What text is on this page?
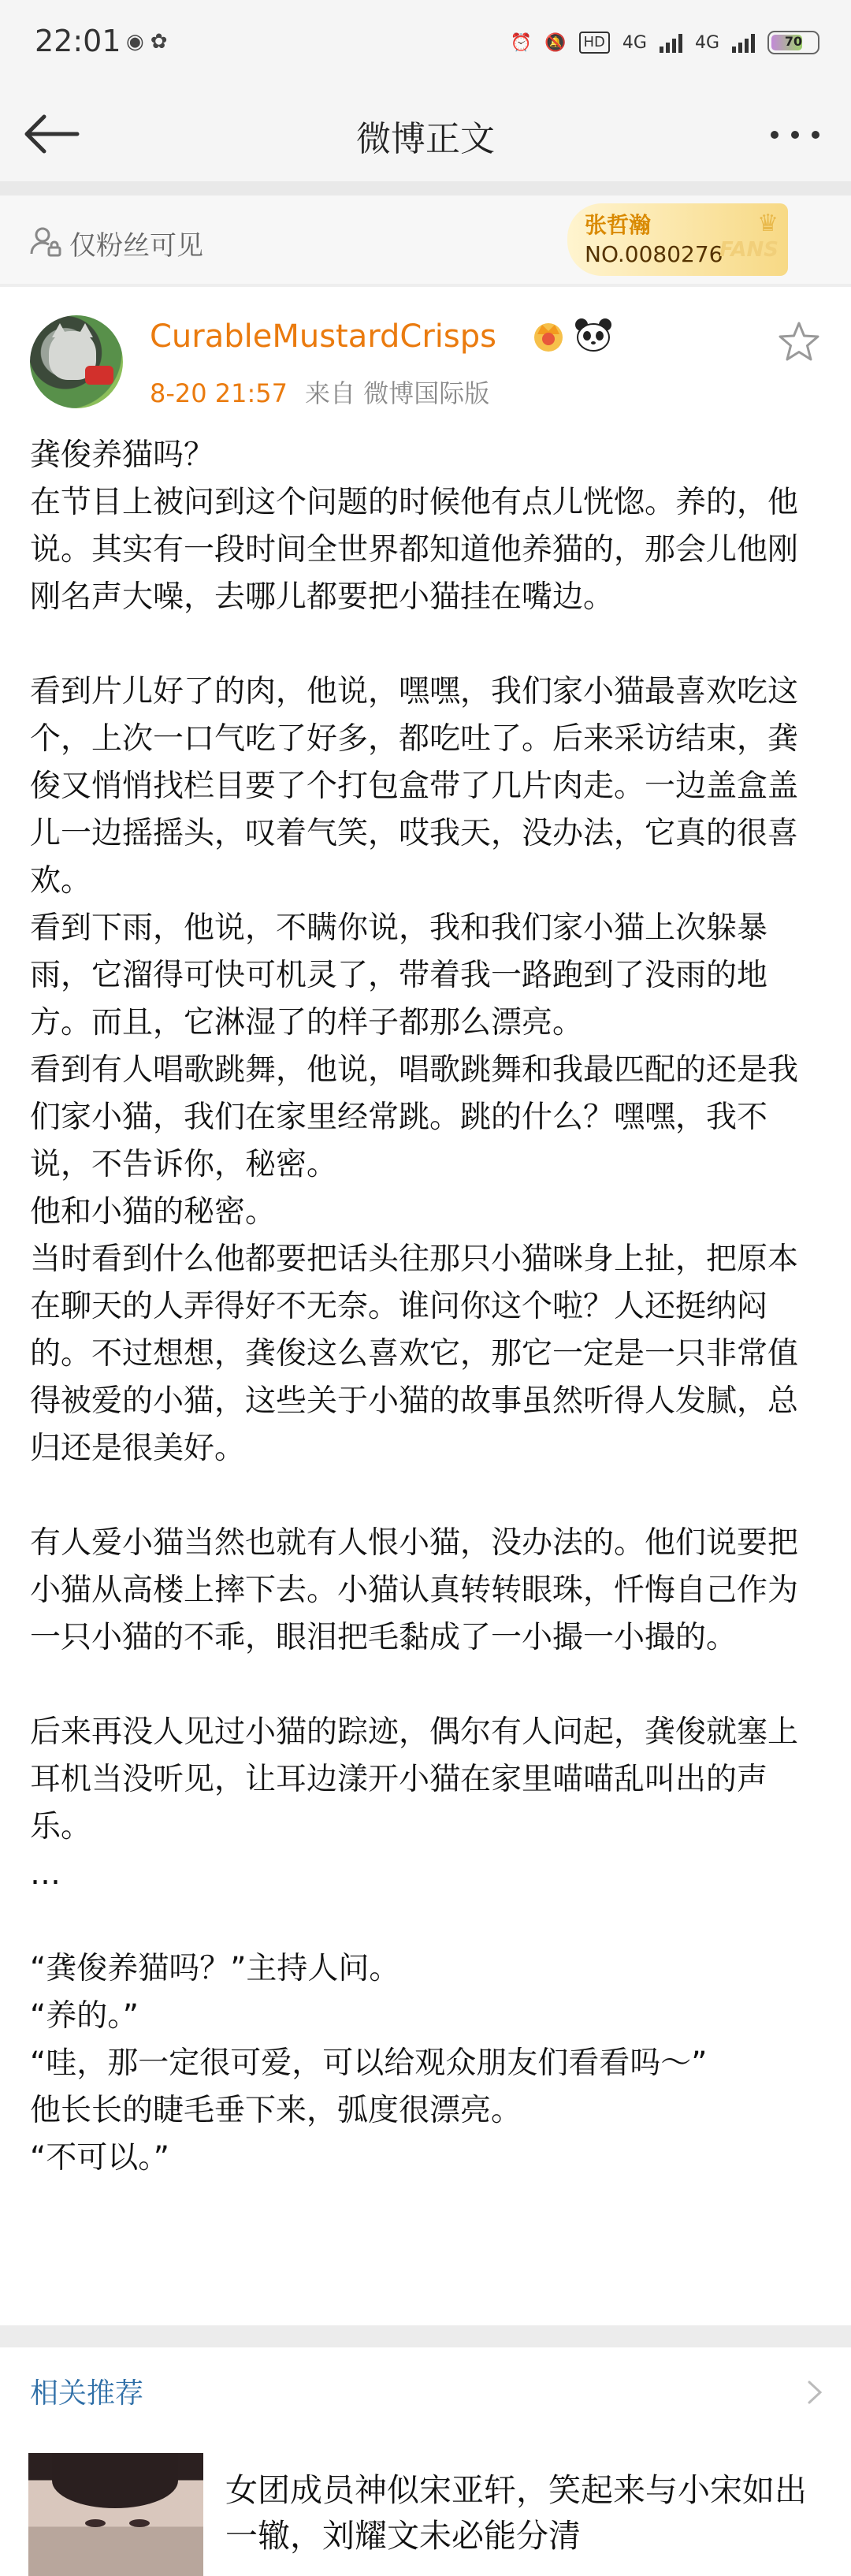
22:01 ◉✿	⏰ 🔕	HD 4G	4G	70
微博正文
仅粉丝可见
张哲瀚
NO.0080276
♛
FANS
CurableMustardCrisps
8-20 21:57 来自 微博国际版

龚俊养猫吗？

在节目上被问到这个问题的时候他有点儿恍惚。养的，他说。其实有一段时间全世界都知道他养猫的，那会儿他刚刚名声大噪，去哪儿都要把小猫挂在嘴边。

看到片儿好了的肉，他说，嘿嘿，我们家小猫最喜欢吃这个，上次一口气吃了好多，都吃吐了。后来采访结束，龚俊又悄悄找栏目要了个打包盒带了几片肉走。一边盖盒盖儿一边摇摇头，叹着气笑，哎我天，没办法，它真的很喜欢。

看到下雨，他说，不瞒你说，我和我们家小猫上次躲暴雨，它溜得可快可机灵了，带着我一路跑到了没雨的地方。而且，它淋湿了的样子都那么漂亮。

看到有人唱歌跳舞，他说，唱歌跳舞和我最匹配的还是我们家小猫，我们在家里经常跳。跳的什么？嘿嘿，我不说，不告诉你，秘密。

他和小猫的秘密。

当时看到什么他都要把话头往那只小猫咪身上扯，把原本在聊天的人弄得好不无奈。谁问你这个啦？人还挺纳闷的。不过想想，龚俊这么喜欢它，那它一定是一只非常值得被爱的小猫，这些关于小猫的故事虽然听得人发腻，总归还是很美好。

有人爱小猫当然也就有人恨小猫，没办法的。他们说要把小猫从高楼上摔下去。小猫认真转转眼珠，忏悔自己作为一只小猫的不乖，眼泪把毛黏成了一小撮一小撮的。

后来再没人见过小猫的踪迹，偶尔有人问起，龚俊就塞上耳机当没听见，让耳边漾开小猫在家里喵喵乱叫出的声乐。

…

“龚俊养猫吗？”主持人问。

“养的。”

“哇，那一定很可爱，可以给观众朋友们看看吗～”

他长长的睫毛垂下来，弧度很漂亮。

“不可以。”

相关推荐
女团成员神似宋亚轩，笑起来与小宋如出一辙，刘耀文未必能分清
